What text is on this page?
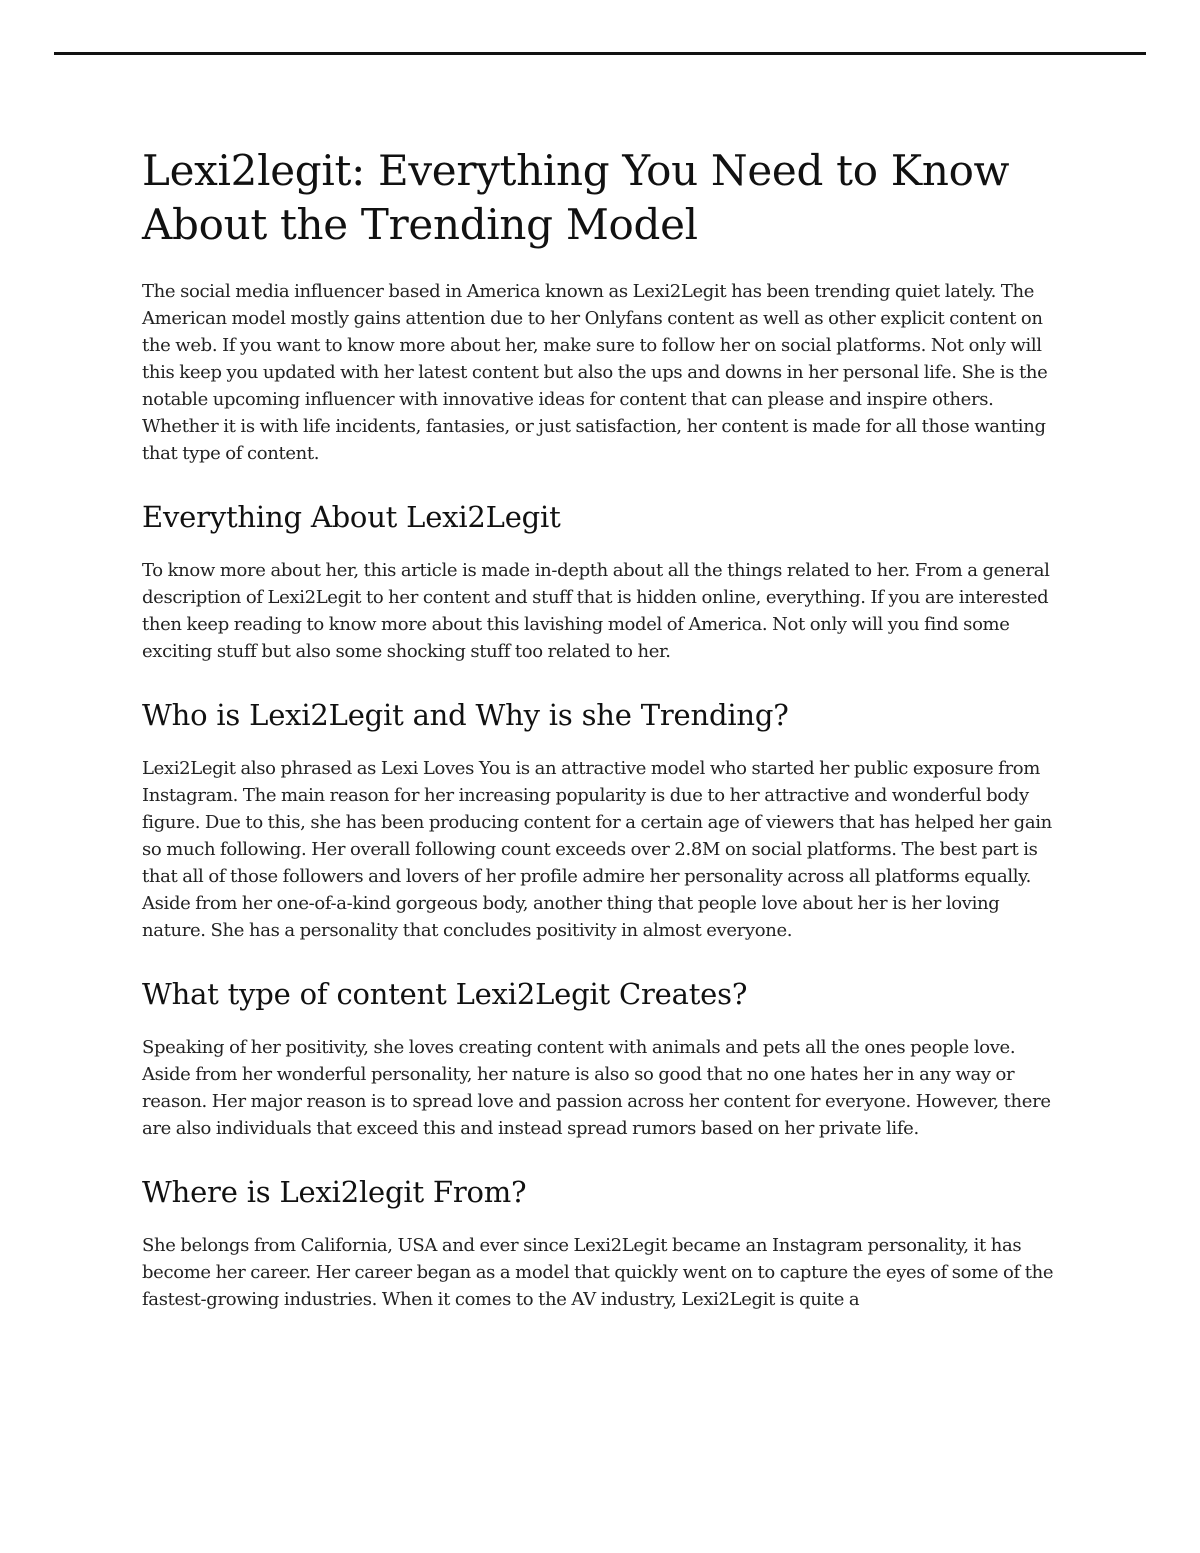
Lexi2legit: Everything You Need to Know About the Trending Model

The social media influencer based in America known as Lexi2Legit has been trending quiet lately. The American model mostly gains attention due to her Onlyfans content as well as other explicit content on the web. If you want to know more about her, make sure to follow her on social platforms. Not only will this keep you updated with her latest content but also the ups and downs in her personal life. She is the notable upcoming influencer with innovative ideas for content that can please and inspire others. Whether it is with life incidents, fantasies, or just satisfaction, her content is made for all those wanting that type of content.

Everything About Lexi2Legit

To know more about her, this article is made in-depth about all the things related to her. From a general description of Lexi2Legit to her content and stuff that is hidden online, everything. If you are interested then keep reading to know more about this lavishing model of America. Not only will you find some exciting stuff but also some shocking stuff too related to her.

Who is Lexi2Legit and Why is she Trending?

Lexi2Legit also phrased as Lexi Loves You is an attractive model who started her public exposure from Instagram. The main reason for her increasing popularity is due to her attractive and wonderful body figure. Due to this, she has been producing content for a certain age of viewers that has helped her gain so much following. Her overall following count exceeds over 2.8M on social platforms. The best part is that all of those followers and lovers of her profile admire her personality across all platforms equally. Aside from her one-of-a-kind gorgeous body, another thing that people love about her is her loving nature. She has a personality that concludes positivity in almost everyone.

What type of content Lexi2Legit Creates?

Speaking of her positivity, she loves creating content with animals and pets all the ones people love. Aside from her wonderful personality, her nature is also so good that no one hates her in any way or reason. Her major reason is to spread love and passion across her content for everyone. However, there are also individuals that exceed this and instead spread rumors based on her private life.

Where is Lexi2legit From?

She belongs from California, USA and ever since Lexi2Legit became an Instagram personality, it has become her career. Her career began as a model that quickly went on to capture the eyes of some of the fastest-growing industries. When it comes to the AV industry, Lexi2Legit is quite a
